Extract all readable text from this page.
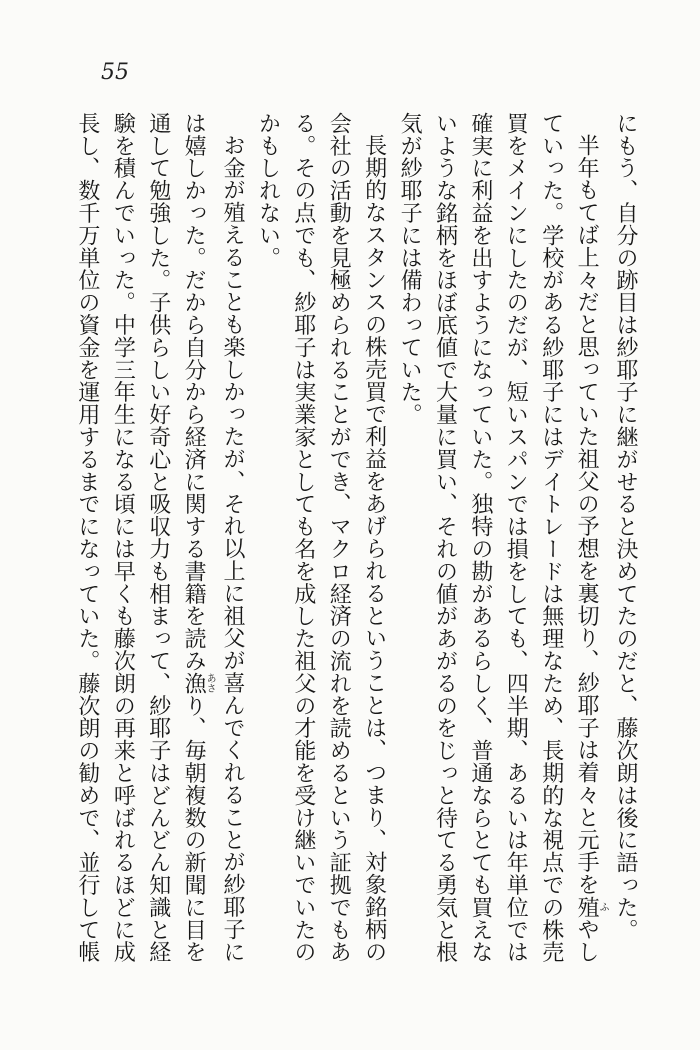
55
にもう、自分の跡目は紗耶子に継がせると決めてたのだと、藤次朗は後に語った。
半年もてば上々だと思っていた祖父の予想を裏切り、紗耶子は着々と元手を殖ふやし
ていった。学校がある紗耶子にはデイトレードは無理なため、長期的な視点での株売
買をメインにしたのだが、短いスパンでは損をしても、四半期、あるいは年単位では
確実に利益を出すようになっていた。独特の勘があるらしく、普通ならとても買えな
いような銘柄をほぼ底値で大量に買い、それの値があがるのをじっと待てる勇気と根
気が紗耶子には備わっていた。
長期的なスタンスの株売買で利益をあげられるということは、つまり、対象銘柄の
会社の活動を見極められることができ、マクロ経済の流れを読めるという証拠でもあ
る。その点でも、紗耶子は実業家としても名を成した祖父の才能を受け継いでいたの
かもしれない。
お金が殖えることも楽しかったが、それ以上に祖父が喜んでくれることが紗耶子に
は嬉しかった。だから自分から経済に関する書籍を読み漁あさり、毎朝複数の新聞に目を
通して勉強した。子供らしい好奇心と吸収力も相まって、紗耶子はどんどん知識と経
験を積んでいった。中学三年生になる頃には早くも藤次朗の再来と呼ばれるほどに成
長し、数千万単位の資金を運用するまでになっていた。藤次朗の勧めで、並行して帳
